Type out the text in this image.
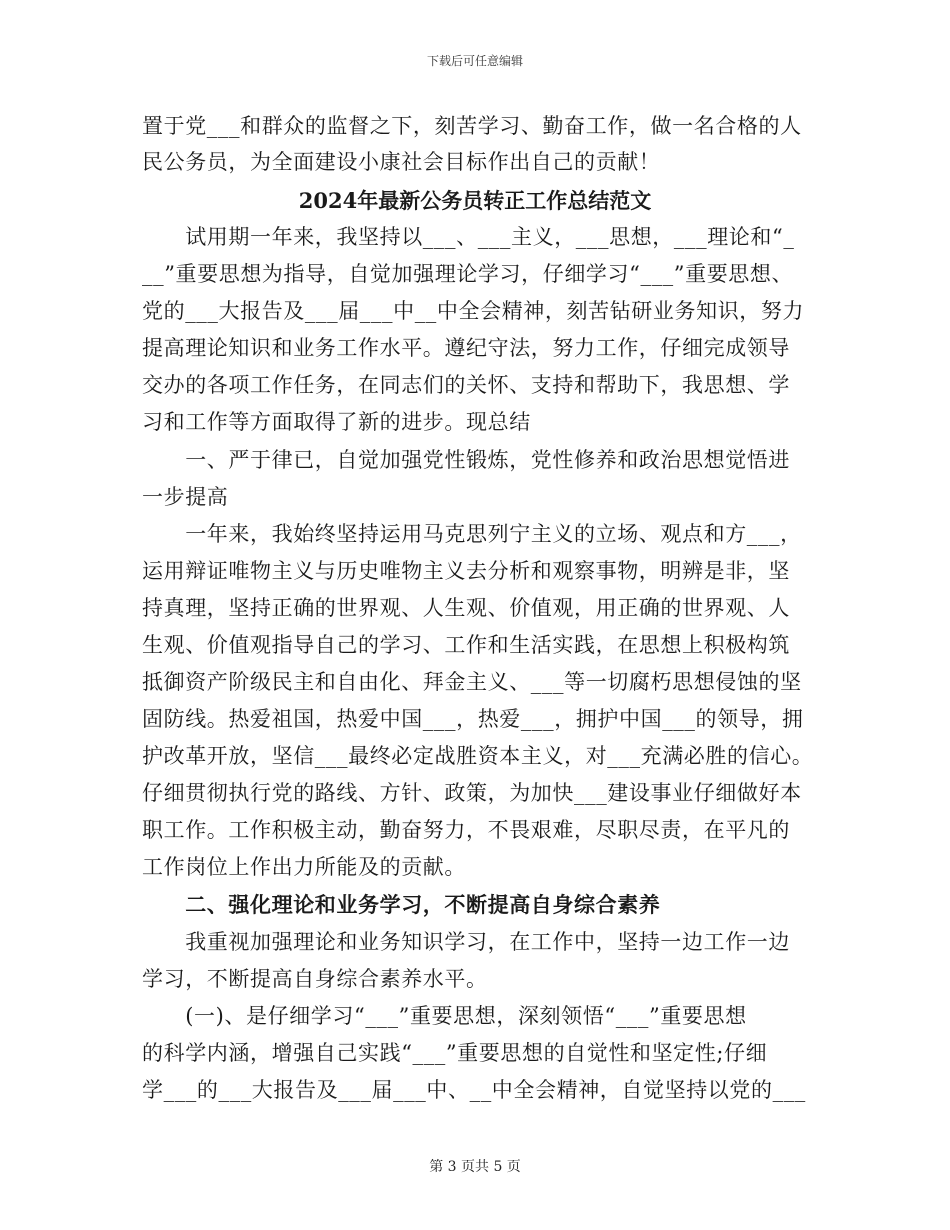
下载后可任意编辑
置于党___和群众的监督之下，刻苦学习、勤奋工作，做一名合格的人
民公务员，为全面建设小康社会目标作出自己的贡献！
2024年最新公务员转正工作总结范文
　　试用期一年来，我坚持以___、___主义，___思想，___理论和“_
__”重要思想为指导，自觉加强理论学习，仔细学习“___”重要思想、
党的___大报告及___届___中__中全会精神，刻苦钻研业务知识，努力
提高理论知识和业务工作水平。遵纪守法，努力工作，仔细完成领导
交办的各项工作任务，在同志们的关怀、支持和帮助下，我思想、学
习和工作等方面取得了新的进步。现总结
　　一、严于律已，自觉加强党性锻炼，党性修养和政治思想觉悟进
一步提高
　　一年来，我始终坚持运用马克思列宁主义的立场、观点和方___，
运用辩证唯物主义与历史唯物主义去分析和观察事物，明辨是非，坚
持真理，坚持正确的世界观、人生观、价值观，用正确的世界观、人
生观、价值观指导自己的学习、工作和生活实践，在思想上积极构筑
抵御资产阶级民主和自由化、拜金主义、___等一切腐朽思想侵蚀的坚
固防线。热爱祖国，热爱中国___，热爱___，拥护中国___的领导，拥
护改革开放，坚信___最终必定战胜资本主义，对___充满必胜的信心。
仔细贯彻执行党的路线、方针、政策，为加快___建设事业仔细做好本
职工作。工作积极主动，勤奋努力，不畏艰难，尽职尽责，在平凡的
工作岗位上作出力所能及的贡献。
　　二、强化理论和业务学习，不断提高自身综合素养
　　我重视加强理论和业务知识学习，在工作中，坚持一边工作一边
学习，不断提高自身综合素养水平。
　　(一)、是仔细学习“___”重要思想，深刻领悟“___”重要思想
的科学内涵，增强自己实践“___”重要思想的自觉性和坚定性;仔细
学___的___大报告及___届___中、__中全会精神，自觉坚持以党的___
第 3 页共 5 页
